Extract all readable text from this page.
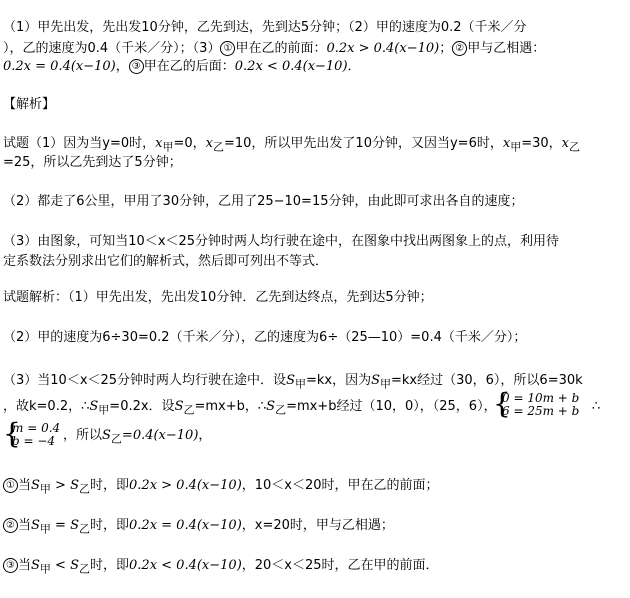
（1）甲先出发，先出发10分钟，乙先到达，先到达5分钟；（2）甲的速度为0.2（千米／分
），乙的速度为0.4（千米／分）；（3） ① 甲在乙的前面：0.2x > 0.4(x−10)； ② 甲与乙相遇：
0.2x = 0.4(x−10)， ③ 甲在乙的后面：0.2x < 0.4(x−10)．
【解析】
试题（1）因为当y=0时，$x_甲=0$，$x_乙=10$，所以甲先出发了10分钟，又因当y=6时，$x_甲=30$，$x_乙$
=25，所以乙先到达了5分钟；
（2）都走了6公里，甲用了30分钟，乙用了25−10=15分钟，由此即可求出各自的速度；
（3）由图象，可知当10＜x＜25分钟时两人均行驶在途中，在图象中找出两图象上的点，利用待
定系数法分别求出它们的解析式，然后即可列出不等式．
试题解析：（1）甲先出发，先出发10分钟．乙先到达终点，先到达5分钟；
（2）甲的速度为6÷30=0.2（千米／分），乙的速度为6÷（25—10）=0.4（千米／分）；
（3）当10＜x＜25分钟时两人均行驶在途中．设$S_甲=kx$，因为$S_甲=kx$经过（30，6），所以6=30k
，故k=0.2，$\therefore S_甲=0.2x$．设$S_乙=mx+b$，$\therefore S_乙=mx+b$经过（10，0），（25，6），
{
0 = 10m + b
6 = 25m + b ∴
{
m = 0.4
b = −4 ，所以$S_乙=0.4(x-10)$，
① 当$S_甲 > S_乙$时，即0.2x > 0.4(x−10)，10＜x＜20时，甲在乙的前面；
② 当$S_甲 = S_乙$时，即0.2x = 0.4(x−10)，x=20时，甲与乙相遇；
③ 当$S_甲 < S_乙$时，即0.2x < 0.4(x−10)，20＜x＜25时，乙在甲的前面．
